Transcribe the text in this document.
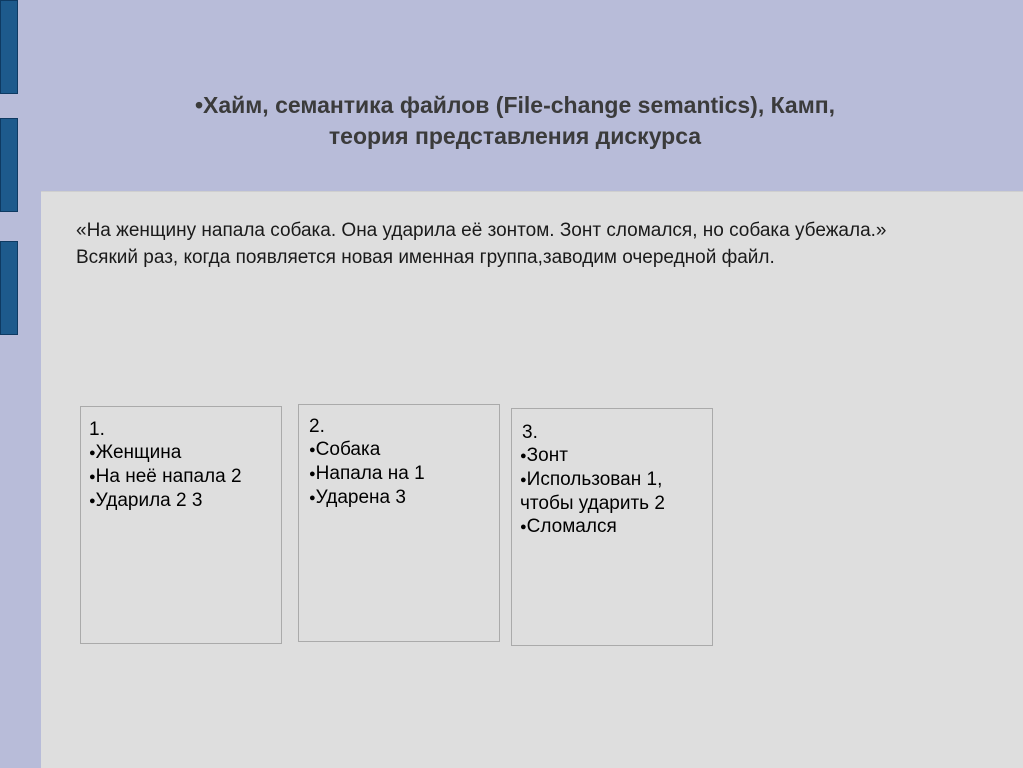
•Хайм, семантика файлов (File-change semantics), Камп,
теория представления дискурса
«На женщину напала собака. Она ударила её зонтом. Зонт сломался, но собака убежала.»
Всякий раз, когда появляется новая именная группа,заводим очередной файл.
1.
●Женщина
●На неё напала 2
●Ударила 2 3
2.
●Собака
●Напала на 1
●Ударена 3
3.
●Зонт
●Использован 1, чтобы ударить 2
●Сломался
